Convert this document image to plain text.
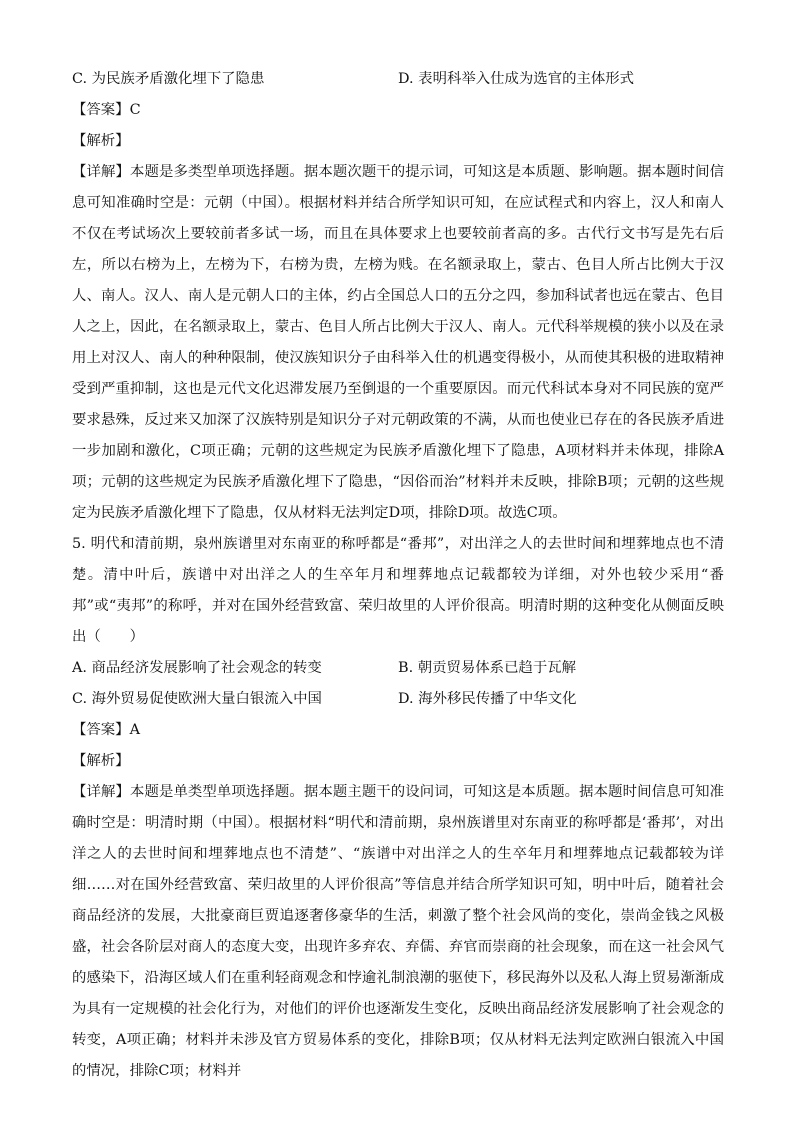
C. 为民族矛盾激化埋下了隐患	D. 表明科举入仕成为选官的主体形式
【答案】C
【解析】
【详解】本题是多类型单项选择题。据本题次题干的提示词，可知这是本质题、影响题。据本题时间信息可知准确时空是：元朝（中国）。根据材料并结合所学知识可知，在应试程式和内容上，汉人和南人不仅在考试场次上要较前者多试一场，而且在具体要求上也要较前者高的多。古代行文书写是先右后左，所以右榜为上，左榜为下，右榜为贵，左榜为贱。在名额录取上，蒙古、色目人所占比例大于汉人、南人。汉人、南人是元朝人口的主体，约占全国总人口的五分之四，参加科试者也远在蒙古、色目人之上，因此，在名额录取上，蒙古、色目人所占比例大于汉人、南人。元代科举规模的狭小以及在录用上对汉人、南人的种种限制，使汉族知识分子由科举入仕的机遇变得极小，从而使其积极的进取精神受到严重抑制，这也是元代文化迟滞发展乃至倒退的一个重要原因。而元代科试本身对不同民族的宽严要求悬殊，反过来又加深了汉族特别是知识分子对元朝政策的不满，从而也使业已存在的各民族矛盾进一步加剧和激化，C项正确；元朝的这些规定为民族矛盾激化埋下了隐患，A项材料并未体现，排除A项；元朝的这些规定为民族矛盾激化埋下了隐患，“因俗而治”材料并未反映，排除B项；元朝的这些规定为民族矛盾激化埋下了隐患，仅从材料无法判定D项，排除D项。故选C项。
5. 明代和清前期，泉州族谱里对东南亚的称呼都是“番邦”，对出洋之人的去世时间和埋葬地点也不清楚。清中叶后，族谱中对出洋之人的生卒年月和埋葬地点记载都较为详细，对外也较少采用“番邦”或“夷邦”的称呼，并对在国外经营致富、荣归故里的人评价很高。明清时期的这种变化从侧面反映出（　　）
A. 商品经济发展影响了社会观念的转变	B. 朝贡贸易体系已趋于瓦解
C. 海外贸易促使欧洲大量白银流入中国	D. 海外移民传播了中华文化
【答案】A
【解析】
【详解】本题是单类型单项选择题。据本题主题干的设问词，可知这是本质题。据本题时间信息可知准确时空是：明清时期（中国）。根据材料“明代和清前期，泉州族谱里对东南亚的称呼都是‘番邦’，对出洋之人的去世时间和埋葬地点也不清楚”、“族谱中对出洋之人的生卒年月和埋葬地点记载都较为详细……对在国外经营致富、荣归故里的人评价很高”等信息并结合所学知识可知，明中叶后，随着社会商品经济的发展，大批豪商巨贾追逐奢侈豪华的生活，刺激了整个社会风尚的变化，崇尚金钱之风极盛，社会各阶层对商人的态度大变，出现许多弃农、弃儒、弃官而崇商的社会现象，而在这一社会风气的感染下，沿海区域人们在重利轻商观念和悖逾礼制浪潮的驱使下，移民海外以及私人海上贸易渐渐成为具有一定规模的社会化行为，对他们的评价也逐渐发生变化，反映出商品经济发展影响了社会观念的转变，A项正确；材料并未涉及官方贸易体系的变化，排除B项；仅从材料无法判定欧洲白银流入中国的情况，排除C项；材料并
